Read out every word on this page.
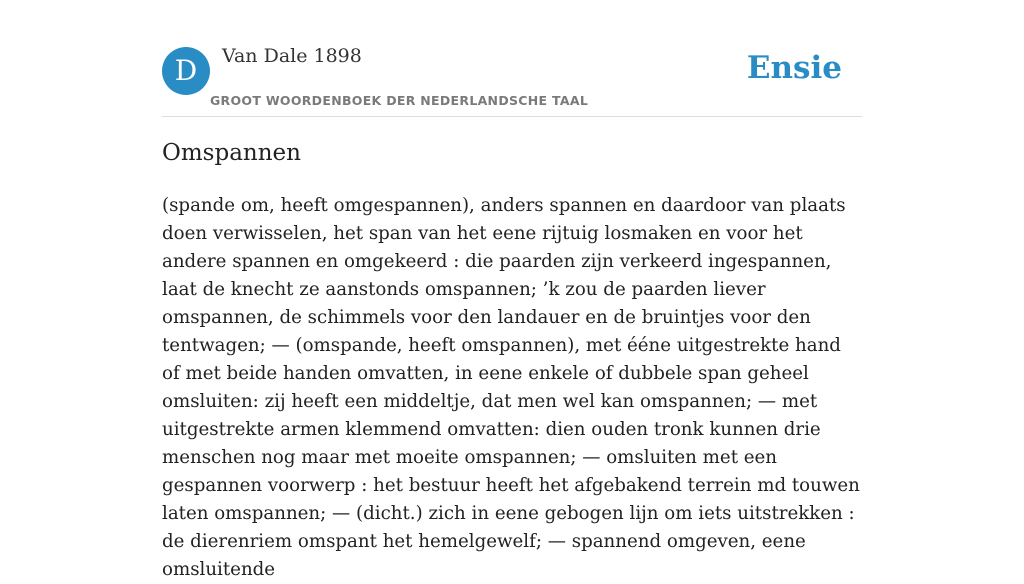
D	Van Dale 1898
GROOT WOORDENBOEK DER NEDERLANDSCHE TAAL
Ensie
Omspannen

(spande om, heeft omgespannen), anders spannen en daardoor van plaats doen verwisselen, het span van het eene rijtuig losmaken en voor het andere spannen en omgekeerd : die paarden zijn verkeerd ingespannen, laat de knecht ze aanstonds omspannen; ’k zou de paarden liever omspannen, de schimmels voor den landauer en de bruintjes voor den tentwagen; — (omspande, heeft omspannen), met ééne uitgestrekte hand of met beide handen omvatten, in eene enkele of dubbele span geheel omsluiten: zij heeft een middeltje, dat men wel kan omspannen; — met uitgestrekte armen klemmend omvatten: dien ouden tronk kunnen drie menschen nog maar met moeite omspannen; — omsluiten met een gespannen voorwerp : het bestuur heeft het afgebakend terrein md touwen laten omspannen; — (dicht.) zich in eene gebogen lijn om iets uitstrekken : de dierenriem omspant het hemelgewelf; — spannend omgeven, eene omsluitende
